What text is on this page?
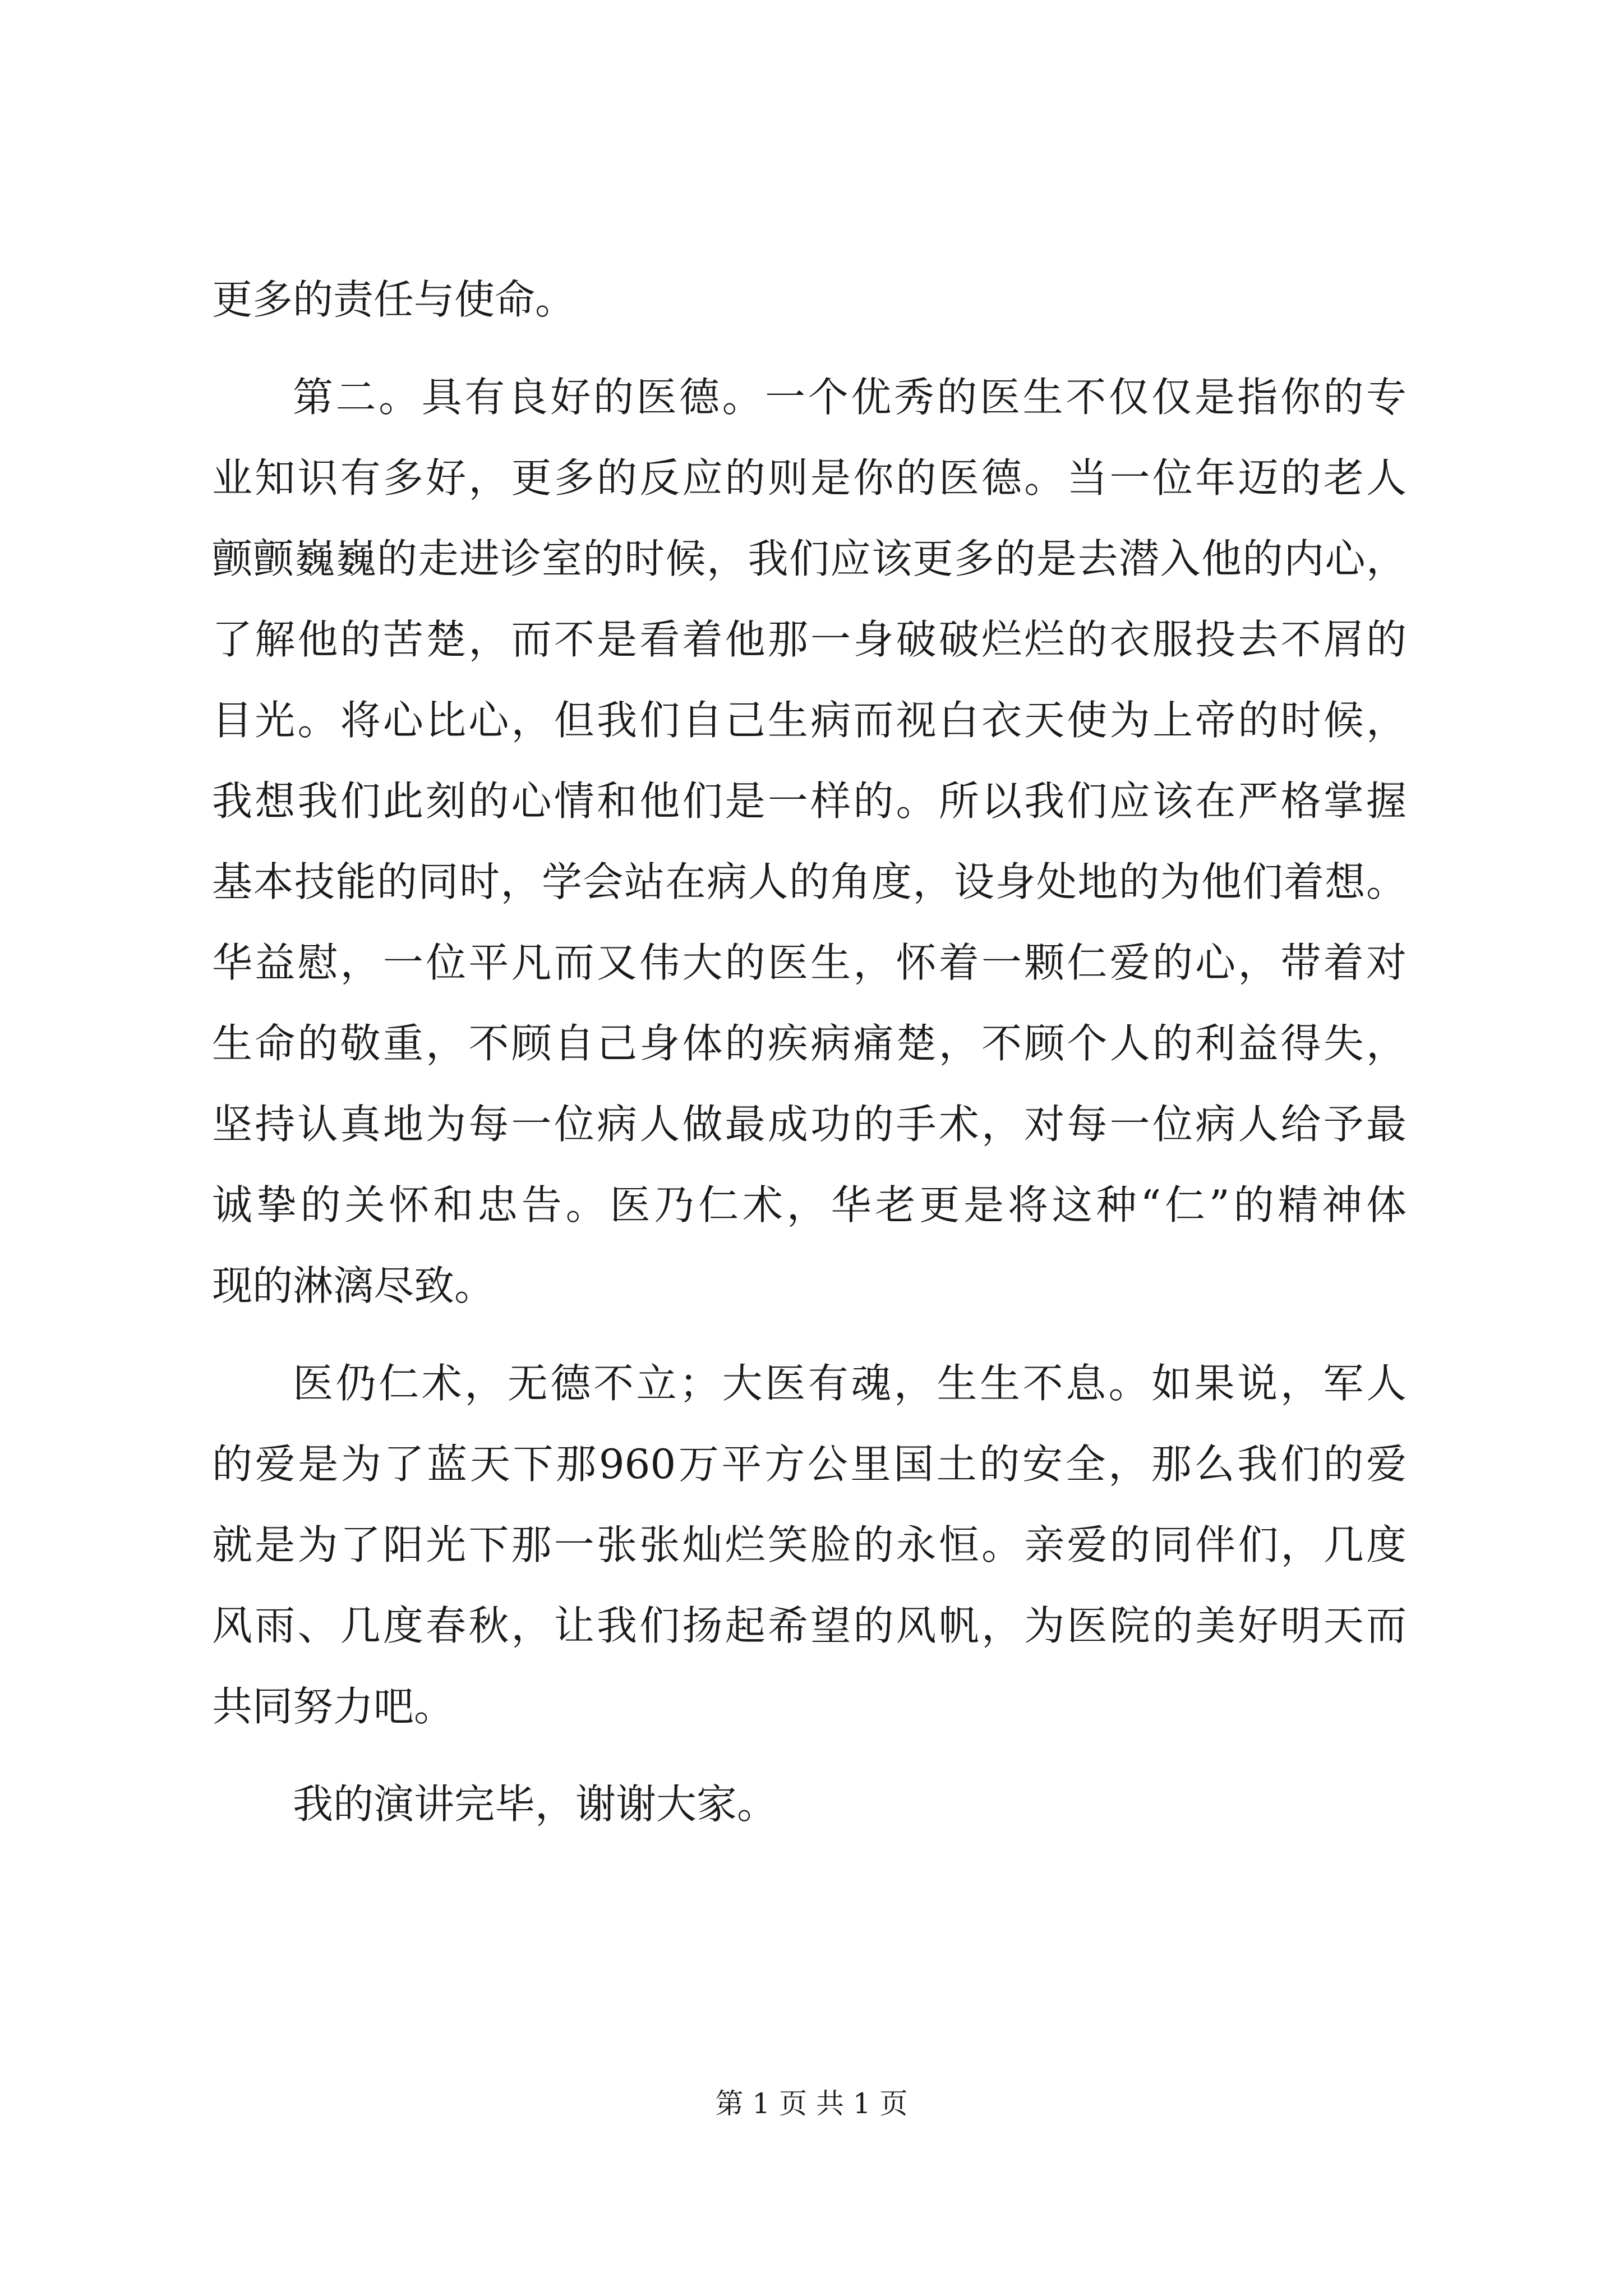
更多的责任与使命。
第二。具有良好的医德。一个优秀的医生不仅仅是指你的专
业知识有多好，更多的反应的则是你的医德。当一位年迈的老人
颤颤巍巍的走进诊室的时候，我们应该更多的是去潜入他的内心，
了解他的苦楚，而不是看着他那一身破破烂烂的衣服投去不屑的
目光。将心比心，但我们自己生病而视白衣天使为上帝的时候，
我想我们此刻的心情和他们是一样的。所以我们应该在严格掌握
基本技能的同时，学会站在病人的角度，设身处地的为他们着想。
华益慰，一位平凡而又伟大的医生，怀着一颗仁爱的心，带着对
生命的敬重，不顾自己身体的疾病痛楚，不顾个人的利益得失，
坚持认真地为每一位病人做最成功的手术，对每一位病人给予最
诚挚的关怀和忠告。医乃仁术，华老更是将这种“仁”的精神体
现的淋漓尽致。
医仍仁术，无德不立；大医有魂，生生不息。如果说，军人
的爱是为了蓝天下那960万平方公里国土的安全，那么我们的爱
就是为了阳光下那一张张灿烂笑脸的永恒。亲爱的同伴们，几度
风雨、几度春秋，让我们扬起希望的风帆，为医院的美好明天而
共同努力吧。
我的演讲完毕，谢谢大家。
第 1 页 共 1 页
